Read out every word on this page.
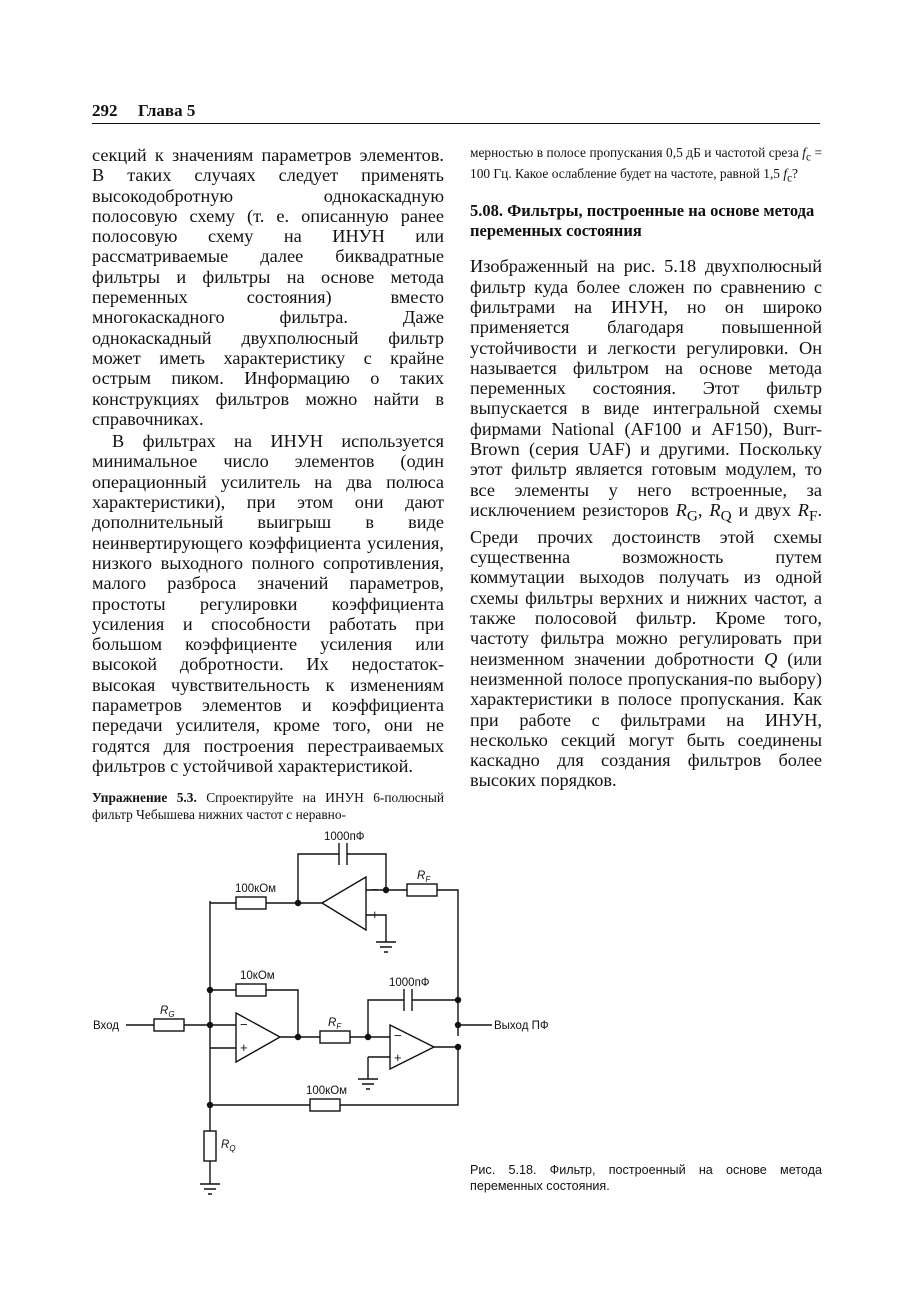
292 Глава 5

секций к значениям параметров элементов. В таких случаях следует применять высокодобротную однокаскадную полосовую схему (т. е. описанную ранее полосовую схему на ИНУН или рассматриваемые далее биквадратные фильтры и фильтры на основе метода переменных состояния) вместо многокаскадного фильтра. Даже однокаскадный двухполюсный фильтр может иметь характеристику с крайне острым пиком. Информацию о таких конструкциях фильтров можно найти в справочниках.

В фильтрах на ИНУН используется минимальное число элементов (один операционный усилитель на два полюса характеристики), при этом они дают дополнительный выигрыш в виде неинвертирующего коэффициента усиления, низкого выходного полного сопротивления, малого разброса значений параметров, простоты регулировки коэффициента усиления и способности работать при большом коэффициенте усиления или высокой добротности. Их недостаток-высокая чувствительность к изменениям параметров элементов и коэффициента передачи усилителя, кроме того, они не годятся для построения перестраиваемых фильтров с устойчивой характеристикой.

Упражнение 5.3. Спроектируйте на ИНУН 6-полюсный фильтр Чебышева нижних частот с неравно-

мерностью в полосе пропускания 0,5 дБ и частотой среза $f_c = 100$ Гц. Какое ослабление будет на частоте, равной 1,5 $f_c$?

5.08. Фильтры, построенные на основе метода переменных состояния

Изображенный на рис. 5.18 двухполюсный фильтр куда более сложен по сравнению с фильтрами на ИНУН, но он широко применяется благодаря повышенной устойчивости и легкости регулировки. Он называется фильтром на основе метода переменных состояния. Этот фильтр выпускается в виде интегральной схемы фирмами National (AF100 и AF150), Burr-Brown (серия UAF) и другими. Поскольку этот фильтр является готовым модулем, то все элементы у него встроенные, за исключением резисторов $R_G$, $R_Q$ и двух $R_F$. Среди прочих достоинств этой схемы существенна возможность путем коммутации выходов получать из одной схемы фильтры верхних и нижних частот, а также полосовой фильтр. Кроме того, частоту фильтра можно регулировать при неизменном значении добротности Q (или неизменной полосе пропускания-по выбору) характеристики в полосе пропускания. Как при работе с фильтрами на ИНУН, несколько секций могут быть соединены каскадно для создания фильтров более высоких порядков.

−
+
−
+
−
+
1000пФ
100кОм
$R_F$
10кОм
1000пФ
Вход
$R_G$
$R_F$	Выход ПФ
100кОм
$R_Q$

Рис. 5.18. Фильтр, построенный на основе метода переменных состояния.
